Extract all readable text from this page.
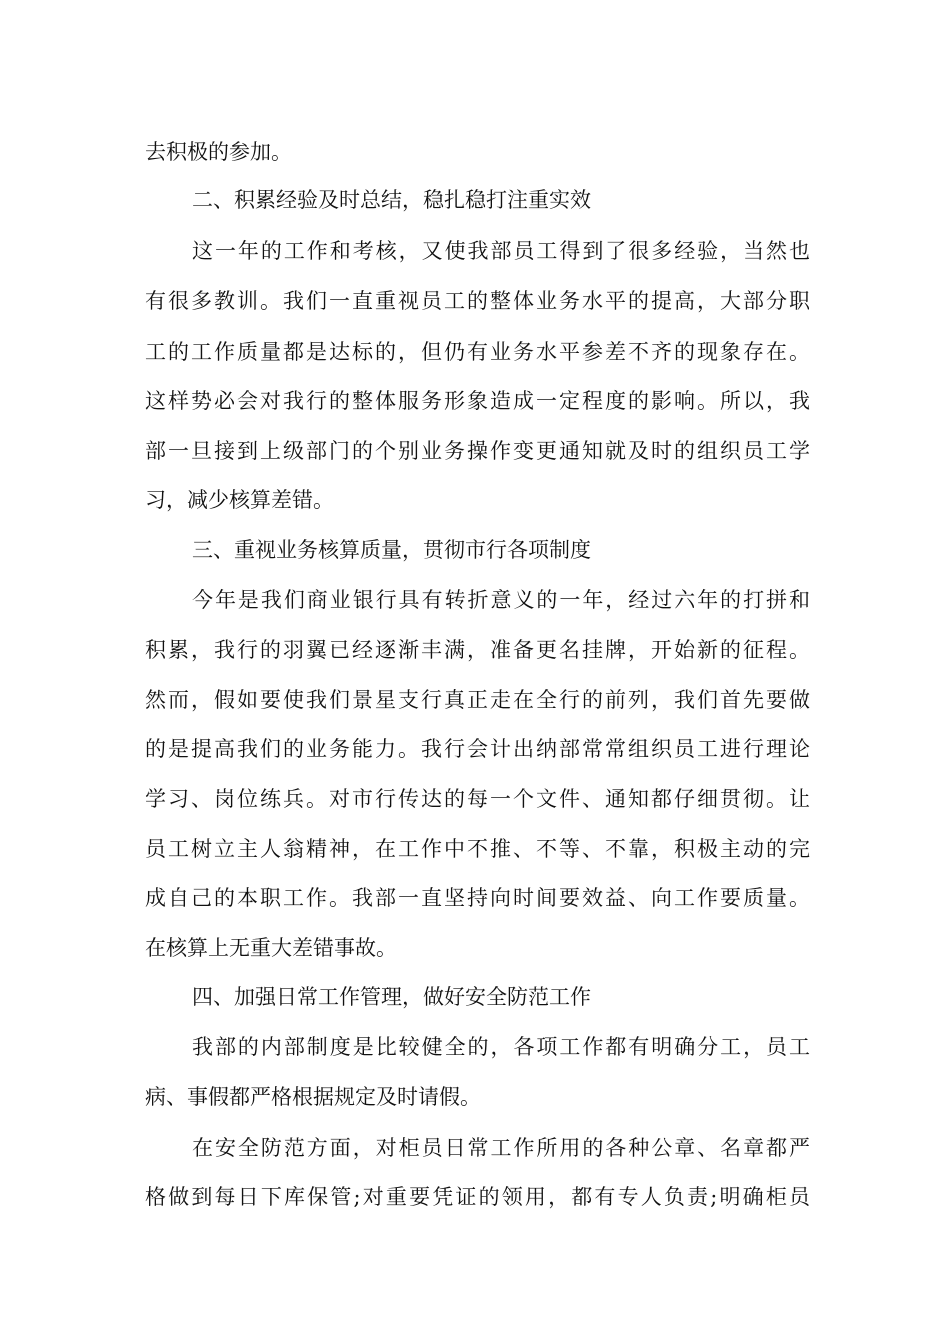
去积极的参加。
二、积累经验及时总结，稳扎稳打注重实效
这一年的工作和考核，又使我部员工得到了很多经验，当然也
有很多教训。我们一直重视员工的整体业务水平的提高，大部分职
工的工作质量都是达标的，但仍有业务水平参差不齐的现象存在。
这样势必会对我行的整体服务形象造成一定程度的影响。所以，我
部一旦接到上级部门的个别业务操作变更通知就及时的组织员工学
习，减少核算差错。
三、重视业务核算质量，贯彻市行各项制度
今年是我们商业银行具有转折意义的一年，经过六年的打拼和
积累，我行的羽翼已经逐渐丰满，准备更名挂牌，开始新的征程。
然而，假如要使我们景星支行真正走在全行的前列，我们首先要做
的是提高我们的业务能力。我行会计出纳部常常组织员工进行理论
学习、岗位练兵。对市行传达的每一个文件、通知都仔细贯彻。让
员工树立主人翁精神，在工作中不推、不等、不靠，积极主动的完
成自己的本职工作。我部一直坚持向时间要效益、向工作要质量。
在核算上无重大差错事故。
四、加强日常工作管理，做好安全防范工作
我部的内部制度是比较健全的，各项工作都有明确分工，员工
病、事假都严格根据规定及时请假。
在安全防范方面，对柜员日常工作所用的各种公章、名章都严
格做到每日下库保管;对重要凭证的领用，都有专人负责;明确柜员
